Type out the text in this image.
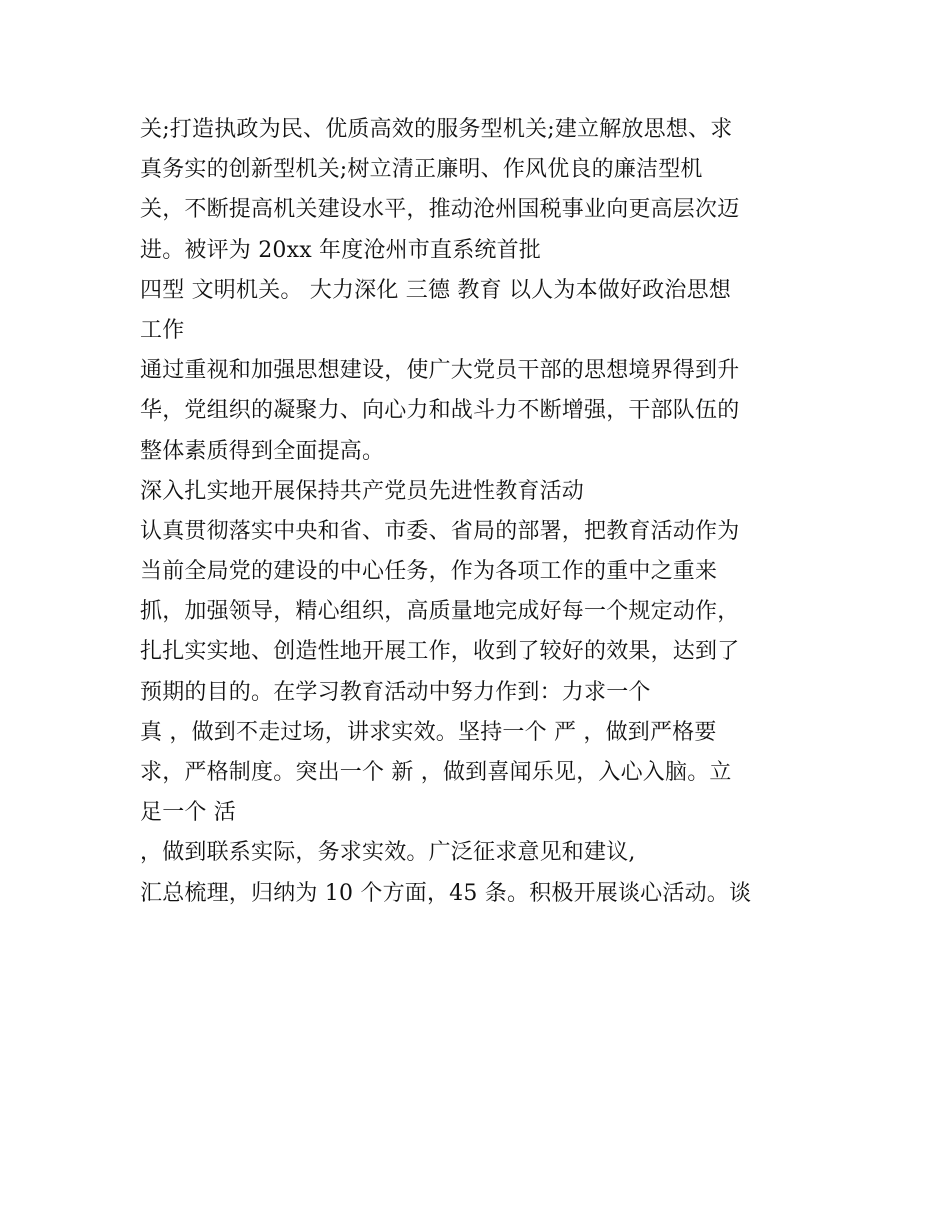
关;打造执政为民、优质高效的服务型机关;建立解放思想、求
真务实的创新型机关;树立清正廉明、作风优良的廉洁型机
关，不断提高机关建设水平，推动沧州国税事业向更高层次迈
进。被评为 20xx 年度沧州市直系统首批
四型 文明机关。 大力深化 三德 教育 以人为本做好政治思想
工作
通过重视和加强思想建设，使广大党员干部的思想境界得到升
华，党组织的凝聚力、向心力和战斗力不断增强，干部队伍的
整体素质得到全面提高。
深入扎实地开展保持共产党员先进性教育活动
认真贯彻落实中央和省、市委、省局的部署，把教育活动作为
当前全局党的建设的中心任务，作为各项工作的重中之重来
抓，加强领导，精心组织，高质量地完成好每一个规定动作，
扎扎实实地、创造性地开展工作，收到了较好的效果，达到了
预期的目的。在学习教育活动中努力作到：力求一个
真 ，做到不走过场，讲求实效。坚持一个 严 ，做到严格要
求，严格制度。突出一个 新 ，做到喜闻乐见，入心入脑。立
足一个 活
，做到联系实际，务求实效。广泛征求意见和建议,
汇总梳理，归纳为 10 个方面，45 条。积极开展谈心活动。谈
